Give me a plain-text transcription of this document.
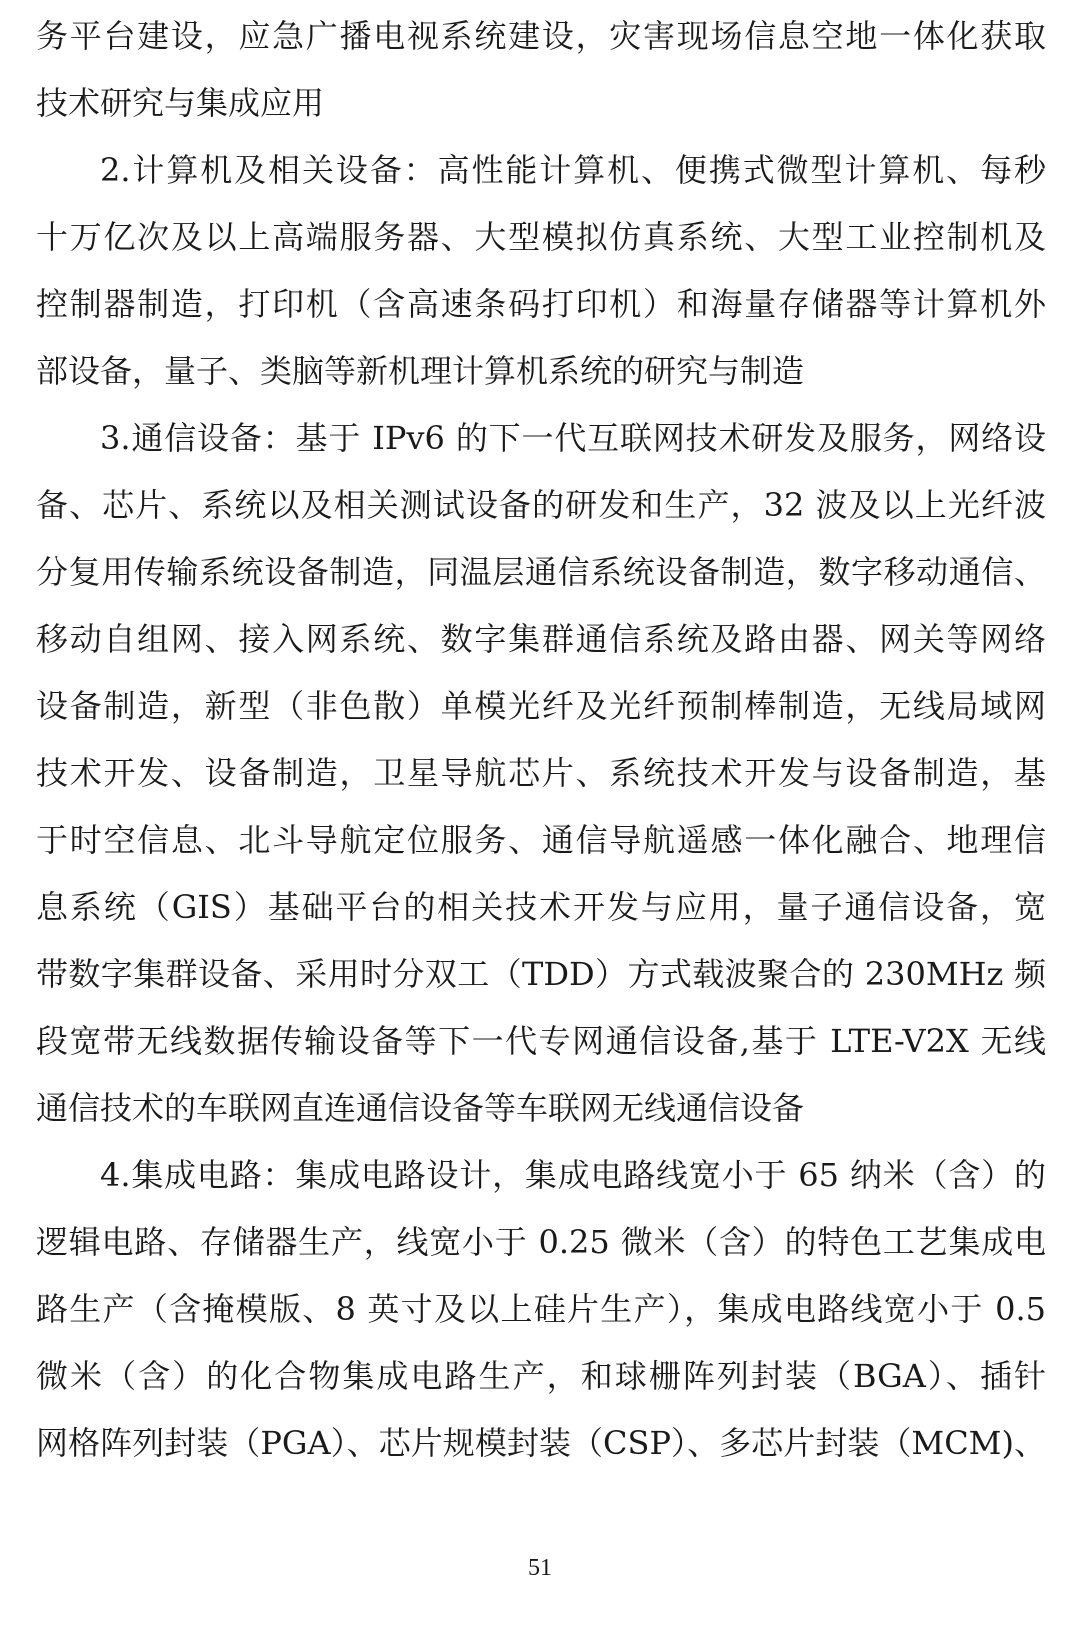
务平台建设，应急广播电视系统建设，灾害现场信息空地一体化获取
技术研究与集成应用
2.计算机及相关设备：高性能计算机、便携式微型计算机、每秒
十万亿次及以上高端服务器、大型模拟仿真系统、大型工业控制机及
控制器制造，打印机（含高速条码打印机）和海量存储器等计算机外
部设备，量子、类脑等新机理计算机系统的研究与制造
3.通信设备：基于 IPv6 的下一代互联网技术研发及服务，网络设
备、芯片、系统以及相关测试设备的研发和生产，32 波及以上光纤波
分复用传输系统设备制造，同温层通信系统设备制造，数字移动通信、
移动自组网、接入网系统、数字集群通信系统及路由器、网关等网络
设备制造，新型（非色散）单模光纤及光纤预制棒制造，无线局域网
技术开发、设备制造，卫星导航芯片、系统技术开发与设备制造，基
于时空信息、北斗导航定位服务、通信导航遥感一体化融合、地理信
息系统（GIS）基础平台的相关技术开发与应用，量子通信设备，宽
带数字集群设备、采用时分双工（TDD）方式载波聚合的 230MHz 频
段宽带无线数据传输设备等下一代专网通信设备,基于 LTE-V2X 无线
通信技术的车联网直连通信设备等车联网无线通信设备
4.集成电路：集成电路设计，集成电路线宽小于 65 纳米（含）的
逻辑电路、存储器生产，线宽小于 0.25 微米（含）的特色工艺集成电
路生产（含掩模版、8 英寸及以上硅片生产），集成电路线宽小于 0.5
微米（含）的化合物集成电路生产，和球栅阵列封装（BGA）、插针
网格阵列封装（PGA）、芯片规模封装（CSP）、多芯片封装（MCM)、
51
